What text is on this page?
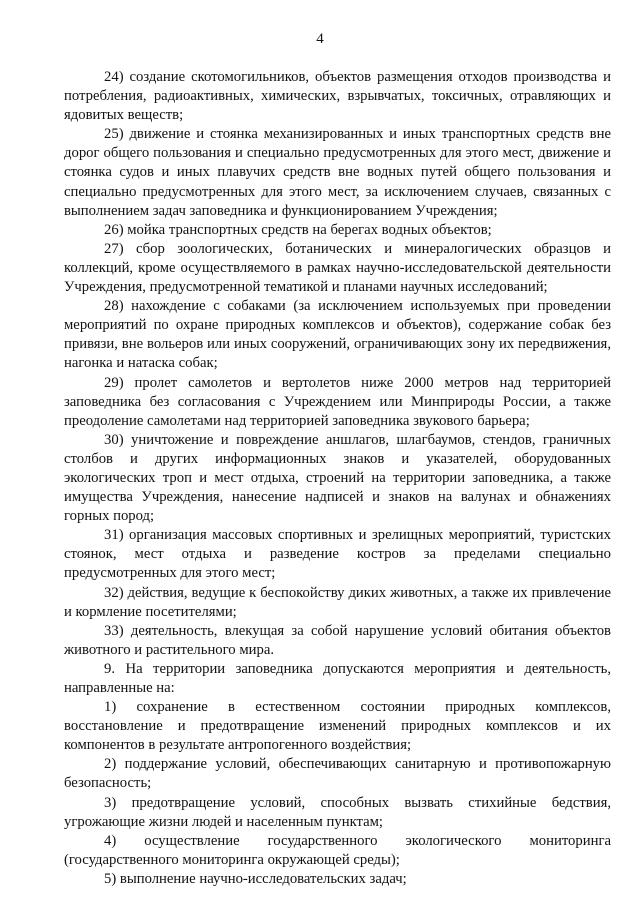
4

24) создание скотомогильников, объектов размещения отходов производства и потребления, радиоактивных, химических, взрывчатых, токсичных, отравляющих и ядовитых веществ;

25) движение и стоянка механизированных и иных транспортных средств вне дорог общего пользования и специально предусмотренных для этого мест, движение и стоянка судов и иных плавучих средств вне водных путей общего пользования и специально предусмотренных для этого мест, за исключением случаев, связанных с выполнением задач заповедника и функционированием Учреждения;

26) мойка транспортных средств на берегах водных объектов;

27) сбор зоологических, ботанических и минералогических образцов и коллекций, кроме осуществляемого в рамках научно-исследовательской деятельности Учреждения, предусмотренной тематикой и планами научных исследований;

28) нахождение с собаками (за исключением используемых при проведении мероприятий по охране природных комплексов и объектов), содержание собак без привязи, вне вольеров или иных сооружений, ограничивающих зону их передвижения, нагонка и натаска собак;

29) пролет самолетов и вертолетов ниже 2000 метров над территорией заповедника без согласования с Учреждением или Минприроды России, а также преодоление самолетами над территорией заповедника звукового барьера;

30) уничтожение и повреждение аншлагов, шлагбаумов, стендов, граничных столбов и других информационных знаков и указателей, оборудованных экологических троп и мест отдыха, строений на территории заповедника, а также имущества Учреждения, нанесение надписей и знаков на валунах и обнажениях горных пород;

31) организация массовых спортивных и зрелищных мероприятий, туристских стоянок, мест отдыха и разведение костров за пределами специально предусмотренных для этого мест;

32) действия, ведущие к беспокойству диких животных, а также их привлечение и кормление посетителями;

33) деятельность, влекущая за собой нарушение условий обитания объектов животного и растительного мира.

9. На территории заповедника допускаются мероприятия и деятельность, направленные на:

1) сохранение в естественном состоянии природных комплексов, восстановление и предотвращение изменений природных комплексов и их компонентов в результате антропогенного воздействия;

2) поддержание условий, обеспечивающих санитарную и противопожарную безопасность;

3) предотвращение условий, способных вызвать стихийные бедствия, угрожающие жизни людей и населенным пунктам;

4) осуществление государственного экологического мониторинга (государственного мониторинга окружающей среды);

5) выполнение научно-исследовательских задач;
